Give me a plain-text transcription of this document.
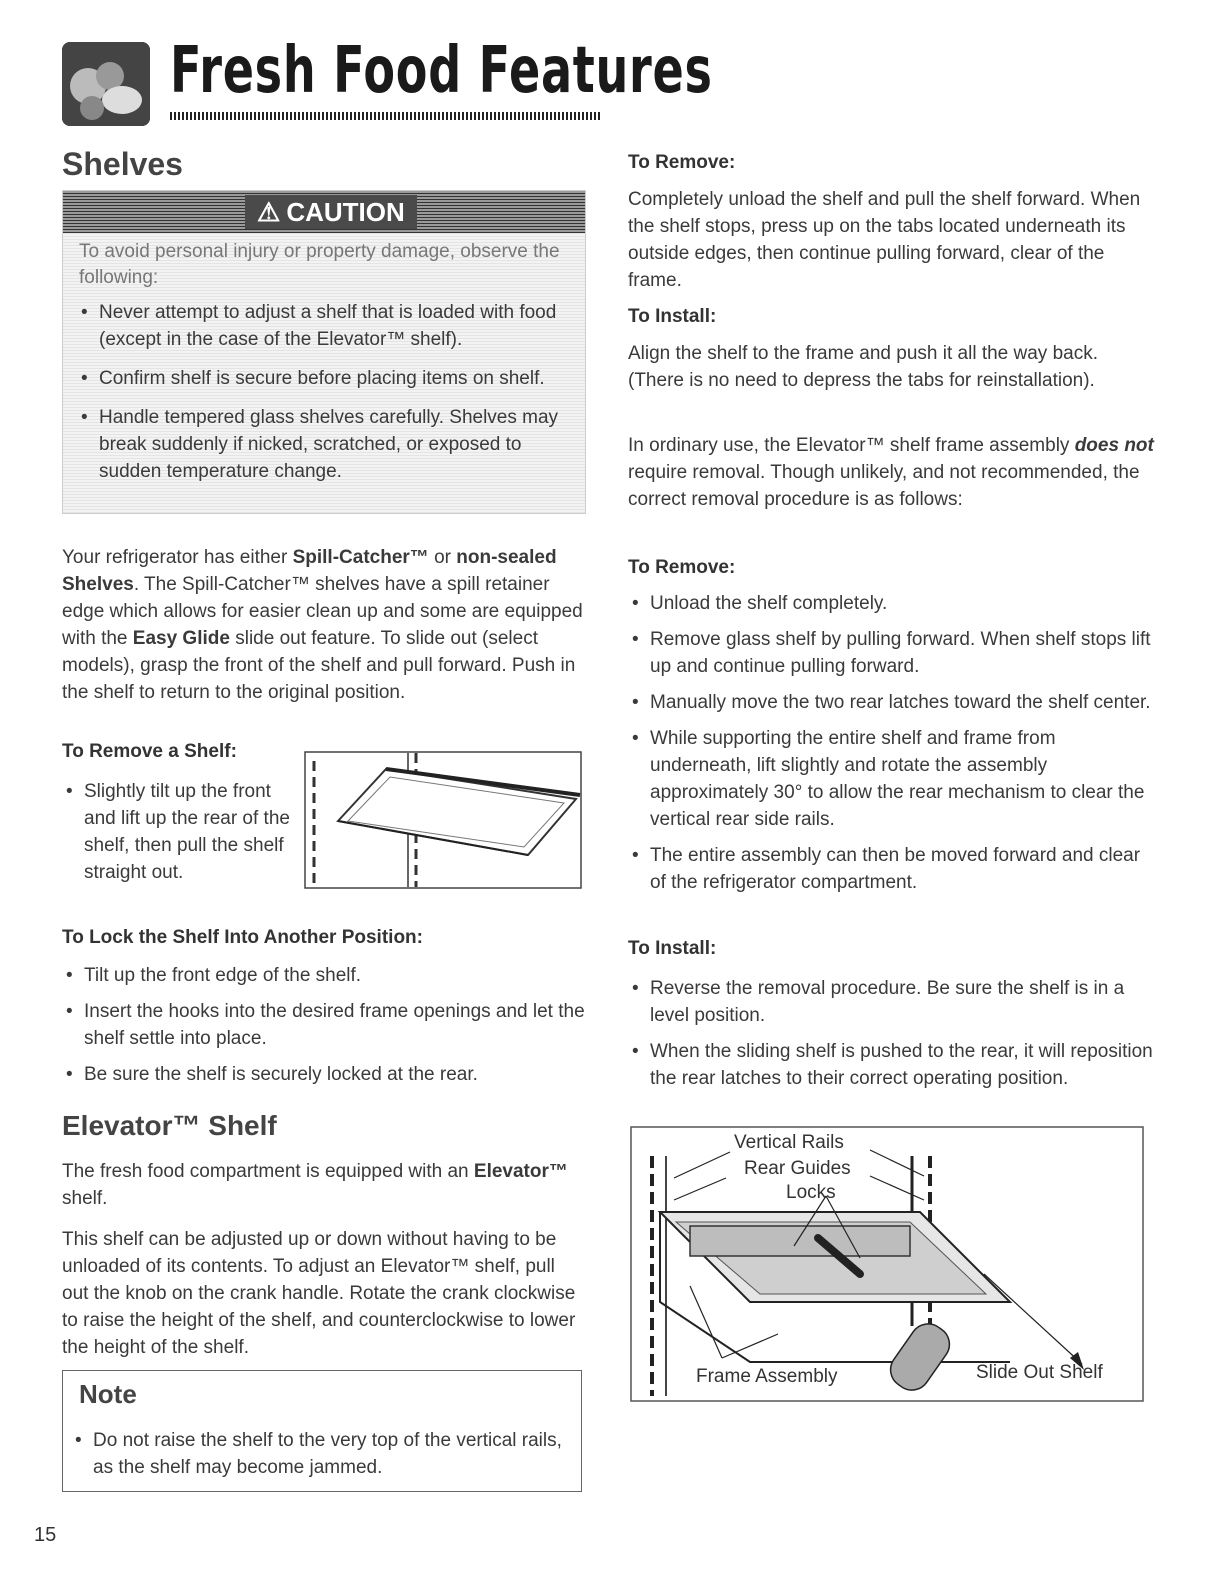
Fresh Food Features
Shelves
⚠ CAUTION
To avoid personal injury or property damage, observe the following:
• Never attempt to adjust a shelf that is loaded with food (except in the case of the Elevator™ shelf).
• Confirm shelf is secure before placing items on shelf.
• Handle tempered glass shelves carefully. Shelves may break suddenly if nicked, scratched, or exposed to sudden temperature change.
Your refrigerator has either Spill-Catcher™ or non-sealed Shelves. The Spill-Catcher™ shelves have a spill retainer edge which allows for easier clean up and some are equipped with the Easy Glide slide out feature. To slide out (select models), grasp the front of the shelf and pull forward. Push in the shelf to return to the original position.
To Remove a Shelf:
• Slightly tilt up the front and lift up the rear of the shelf, then pull the shelf straight out.
To Lock the Shelf Into Another Position:
• Tilt up the front edge of the shelf.
• Insert the hooks into the desired frame openings and let the shelf settle into place.
• Be sure the shelf is securely locked at the rear.
Elevator™ Shelf
The fresh food compartment is equipped with an Elevator™ shelf.
This shelf can be adjusted up or down without having to be unloaded of its contents. To adjust an Elevator™ shelf, pull out the knob on the crank handle. Rotate the crank clockwise to raise the height of the shelf, and counterclockwise to lower the height of the shelf.
Note
• Do not raise the shelf to the very top of the vertical rails, as the shelf may become jammed.
To Remove:
Completely unload the shelf and pull the shelf forward. When the shelf stops, press up on the tabs located underneath its outside edges, then continue pulling forward, clear of the frame.
To Install:
Align the shelf to the frame and push it all the way back. (There is no need to depress the tabs for reinstallation).
In ordinary use, the Elevator™ shelf frame assembly does not require removal. Though unlikely, and not recommended, the correct removal procedure is as follows:
To Remove:
• Unload the shelf completely.
• Remove glass shelf by pulling forward. When shelf stops lift up and continue pulling forward.
• Manually move the two rear latches toward the shelf center.
• While supporting the entire shelf and frame from underneath, lift slightly and rotate the assembly approximately 30° to allow the rear mechanism to clear the vertical rear side rails.
• The entire assembly can then be moved forward and clear of the refrigerator compartment.
To Install:
• Reverse the removal procedure. Be sure the shelf is in a level position.
• When the sliding shelf is pushed to the rear, it will reposition the rear latches to their correct operating position.
Vertical Rails
Rear Guides
Locks
Frame Assembly	Slide Out Shelf
15
